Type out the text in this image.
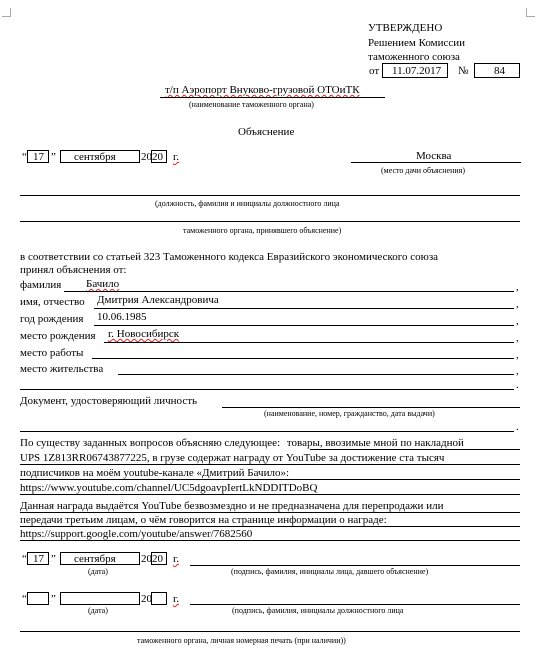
УТВЕРЖДЕНО
Решением Комиссии
таможенного союза
от 11.07.2017 № 84
т/п Аэропорт Внуково-грузовой ОТОиТК
(наименование таможенного органа)
Объяснение
“ 17 ” сентября 20 20 г.	Москва
(место дачи объяснения)
(должность, фамилия и инициалы должностного лица
таможенного органа, принявшего объяснение)
в соответствии со статьей 323 Таможенного кодекса Евразийского экономического союза
принял объяснения от:
фамилия Бачило	,
имя, отчество Дмитрия Александровича	,
год рождения 10.06.1985	,
место рождения г. Новосибирск	,
место работы	,
место жительства	,
.
Документ, удостоверяющий личность
(наименование, номер, гражданство, дата выдачи)
.
По существу заданных вопросов объясняю следующее: товары, ввозимые мной по накладной
UPS 1Z813RR06743877225, в грузе содержат награду от YouTube за достижение ста тысяч
подписчиков на моём youtube-канале «Дмитрий Бачило»:
https://www.youtube.com/channel/UC5dgoavpIertLkNDDITDoBQ
Данная награда выдаётся YouTube безвозмездно и не предназначена для перепродажи или
передачи третьим лицам, о чём говорится на странице информации о награде:
https://support.google.com/youtube/answer/7682560
“ 17 ” сентября 20 20 г.
(дата)	(подпись, фамилия, инициалы лица, давшего объяснение)
“ ”	20 г.
(дата)	(подпись, фамилия, инициалы должностного лица
таможенного органа, личная номерная печать (при наличии))
